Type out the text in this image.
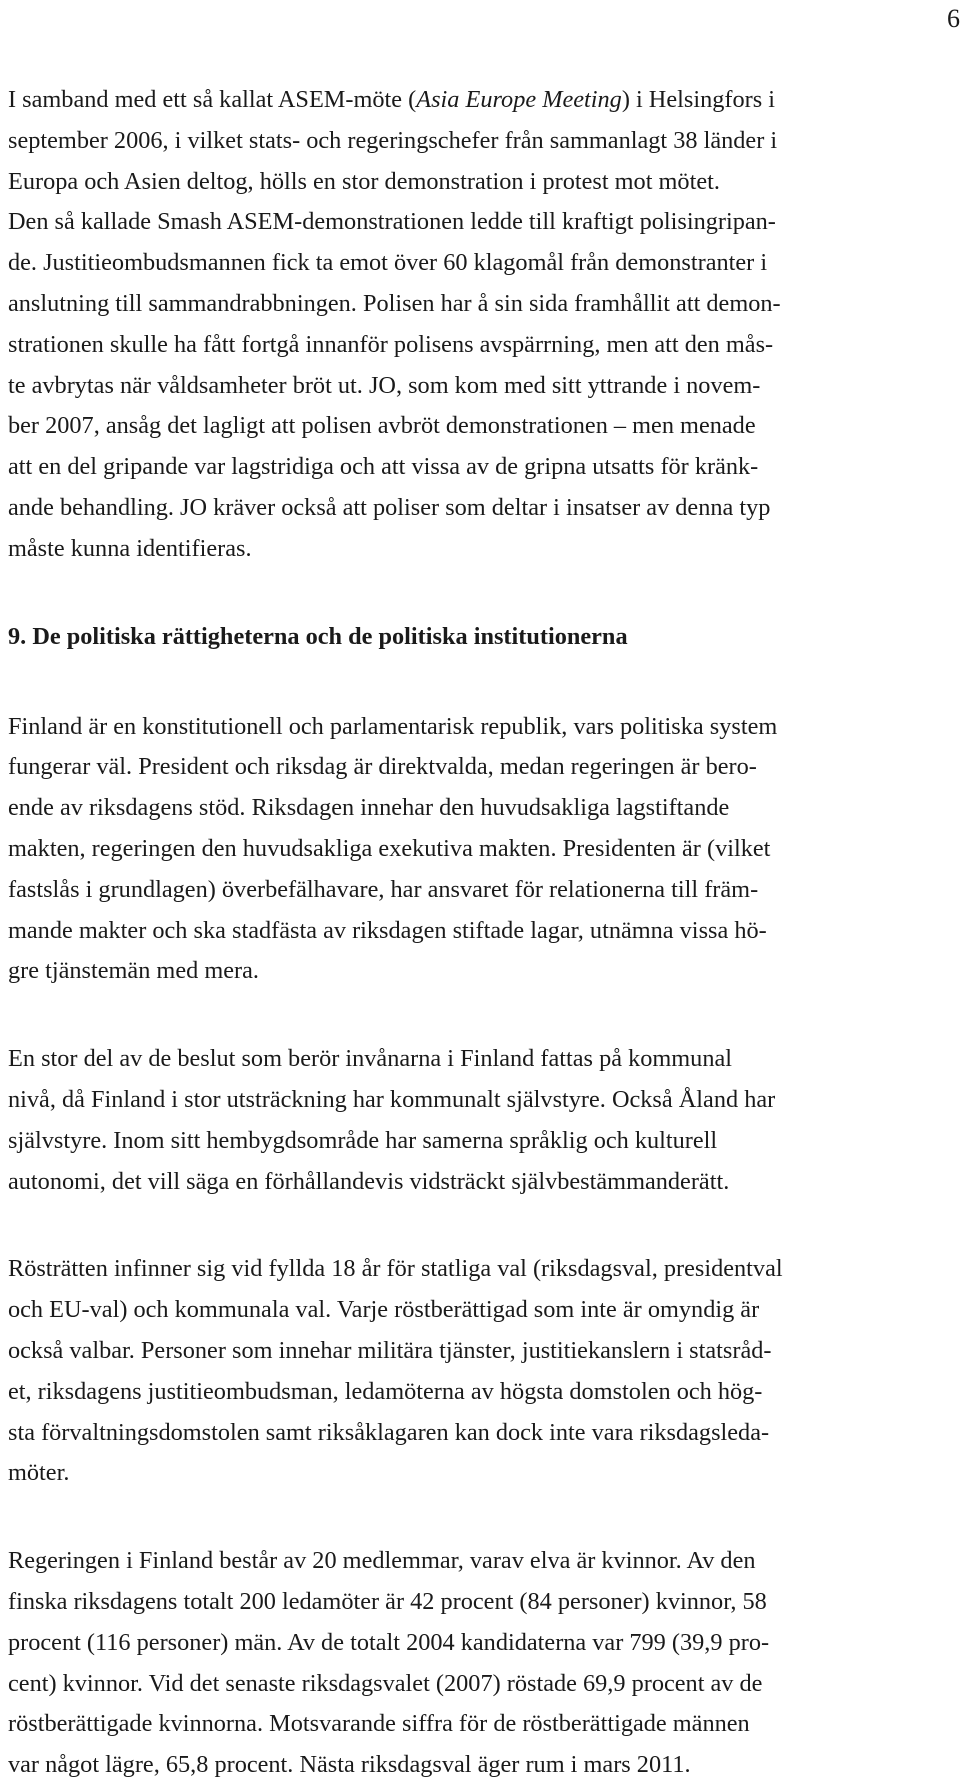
6

I samband med ett så kallat ASEM-möte (Asia Europe Meeting) i Helsingfors i
september 2006, i vilket stats- och regeringschefer från sammanlagt 38 länder i
Europa och Asien deltog, hölls en stor demonstration i protest mot mötet.
Den så kallade Smash ASEM-demonstrationen ledde till kraftigt polisingripan-
de. Justitieombudsmannen fick ta emot över 60 klagomål från demonstranter i
anslutning till sammandrabbningen. Polisen har å sin sida framhållit att demon-
strationen skulle ha fått fortgå innanför polisens avspärrning, men att den mås-
te avbrytas när våldsamheter bröt ut. JO, som kom med sitt yttrande i novem-
ber 2007, ansåg det lagligt att polisen avbröt demonstrationen – men menade
att en del gripande var lagstridiga och att vissa av de gripna utsatts för kränk-
ande behandling. JO kräver också att poliser som deltar i insatser av denna typ
måste kunna identifieras.

9. De politiska rättigheterna och de politiska institutionerna

Finland är en konstitutionell och parlamentarisk republik, vars politiska system
fungerar väl. President och riksdag är direktvalda, medan regeringen är bero-
ende av riksdagens stöd. Riksdagen innehar den huvudsakliga lagstiftande
makten, regeringen den huvudsakliga exekutiva makten. Presidenten är (vilket
fastslås i grundlagen) överbefälhavare, har ansvaret för relationerna till främ-
mande makter och ska stadfästa av riksdagen stiftade lagar, utnämna vissa hö-
gre tjänstemän med mera.

En stor del av de beslut som berör invånarna i Finland fattas på kommunal
nivå, då Finland i stor utsträckning har kommunalt självstyre. Också Åland har
självstyre. Inom sitt hembygdsområde har samerna språklig och kulturell
autonomi, det vill säga en förhållandevis vidsträckt självbestämmanderätt.

Rösträtten infinner sig vid fyllda 18 år för statliga val (riksdagsval, presidentval
och EU-val) och kommunala val. Varje röstberättigad som inte är omyndig är
också valbar. Personer som innehar militära tjänster, justitiekanslern i statsråd-
et, riksdagens justitieombudsman, ledamöterna av högsta domstolen och hög-
sta förvaltningsdomstolen samt riksåklagaren kan dock inte vara riksdagsleda-
möter.

Regeringen i Finland består av 20 medlemmar, varav elva är kvinnor. Av den
finska riksdagens totalt 200 ledamöter är 42 procent (84 personer) kvinnor, 58
procent (116 personer) män. Av de totalt 2004 kandidaterna var 799 (39,9 pro-
cent) kvinnor. Vid det senaste riksdagsvalet (2007) röstade 69,9 procent av de
röstberättigade kvinnorna. Motsvarande siffra för de röstberättigade männen
var något lägre, 65,8 procent. Nästa riksdagsval äger rum i mars 2011.
